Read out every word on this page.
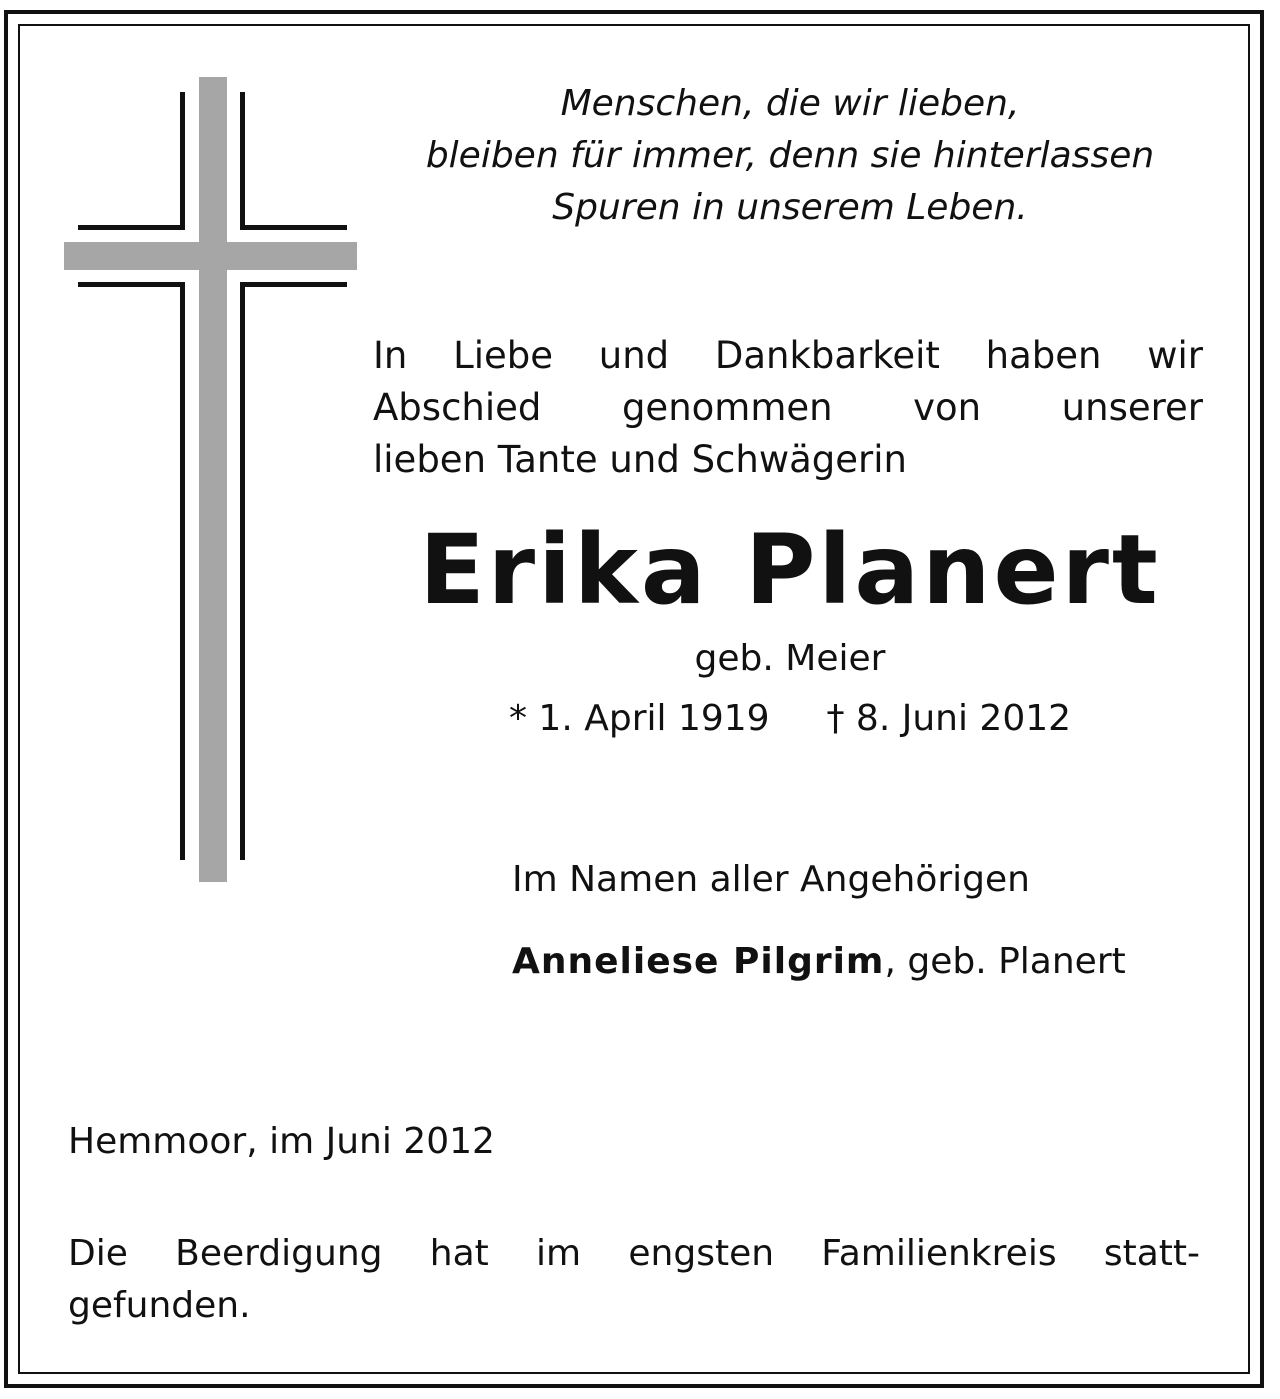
Menschen, die wir lieben,
bleiben für immer, denn sie hinterlassen
Spuren in unserem Leben.
In Liebe und Dankbarkeit haben wir
Abschied genommen von unserer
lieben Tante und Schwägerin
Erika Planert
geb. Meier
* 1. April 1919 † 8. Juni 2012
Im Namen aller Angehörigen
Anneliese Pilgrim, geb. Planert
Hemmoor, im Juni 2012
Die Beerdigung hat im engsten Familienkreis statt-
gefunden.
